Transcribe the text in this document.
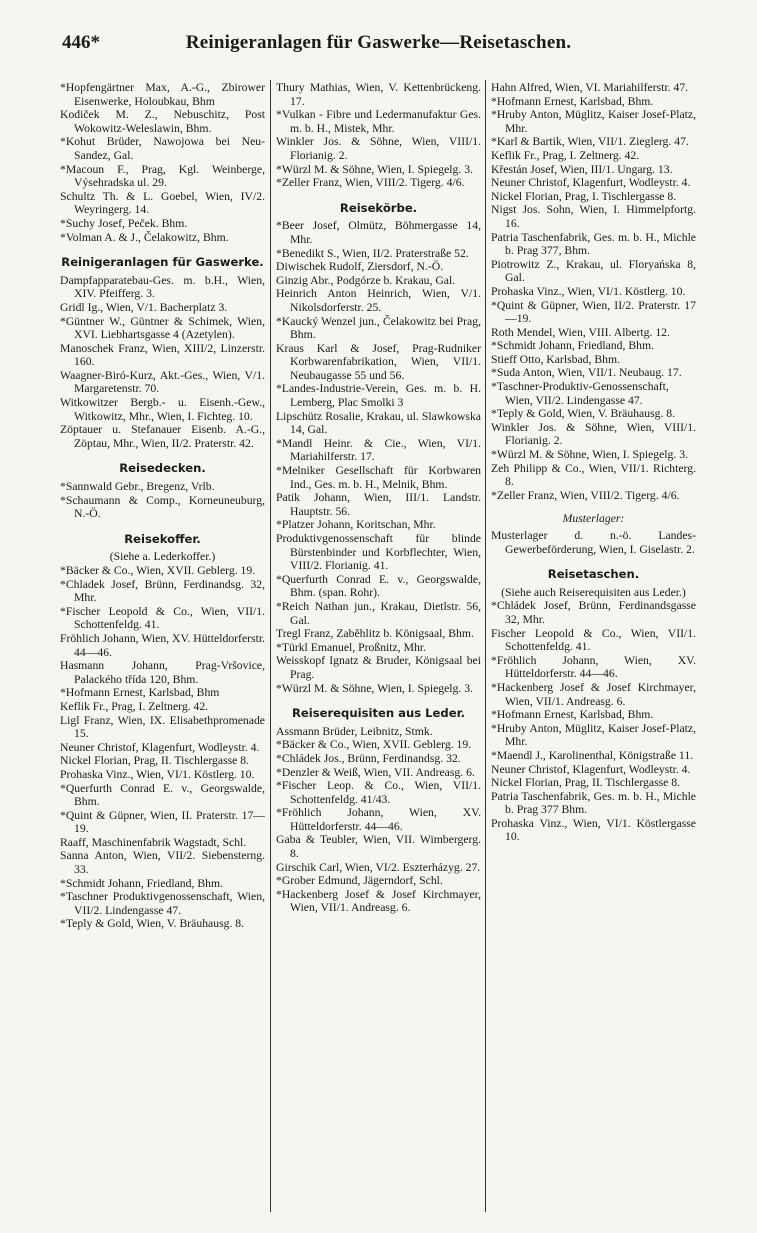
446*	Reinigeranlagen für Gaswerke—Reisetaschen.
*Hopfengärtner Max, A.-G., Zbirower Eisenwerke, Holoubkau, Bhm
Kodiček M. Z., Nebuschitz, Post Wokowitz-Weleslawin, Bhm.
*Kohut Brüder, Nawojowa bei Neu-Sandez, Gal.
*Macoun F., Prag, Kgl. Weinberge, Výsehradska ul. 29.
Schultz Th. & L. Goebel, Wien, IV/2. Weyringerg. 14.
*Suchy Josef, Peček. Bhm.
*Volman A. & J., Čelakowitz, Bhm.
Reinigeranlagen für Gaswerke.
Dampfapparatebau-Ges. m. b.H., Wien, XIV. Pfeifferg. 3.
Gridl Ig., Wien, V/1. Bacherplatz 3.
*Güntner W., Güntner & Schimek, Wien, XVI. Liebhartsgasse 4 (Azetylen).
Manoschek Franz, Wien, XIII/2, Linzerstr. 160.
Waagner-Biró-Kurz, Akt.-Ges., Wien, V/1. Margaretenstr. 70.
Witkowitzer Bergb.- u. Eisenh.-Gew., Witkowitz, Mhr., Wien, I. Fichteg. 10.
Zöptauer u. Stefanauer Eisenb. A.-G., Zöptau, Mhr., Wien, II/2. Praterstr. 42.
Reisedecken.
*Sannwald Gebr., Bregenz, Vrlb.
*Schaumann & Comp., Korneuneuburg, N.-Ö.
Reisekoffer.
(Siehe a. Lederkoffer.)
*Bäcker & Co., Wien, XVII. Geblerg. 19.
*Chladek Josef, Brünn, Ferdinandsg. 32, Mhr.
*Fischer Leopold & Co., Wien, VII/1. Schottenfeldg. 41.
Fröhlich Johann, Wien, XV. Hütteldorferstr. 44—46.
Hasmann Johann, Prag-Vršovice, Palackého třída 120, Bhm.
*Hofmann Ernest, Karlsbad, Bhm
Keflik Fr., Prag, I. Zeltnerg. 42.
Ligl Franz, Wien, IX. Elisabethpromenade 15.
Neuner Christof, Klagenfurt, Wodleystr. 4.
Nickel Florian, Prag, II. Tischlergasse 8.
Prohaska Vinz., Wien, VI/1. Köstlerg. 10.
*Querfurth Conrad E. v., Georgswalde, Bhm.
*Quint & Güpner, Wien, II. Praterstr. 17—19.
Raaff, Maschinenfabrik Wagstadt, Schl.
Sanna Anton, Wien, VII/2. Siebensterng. 33.
*Schmidt Johann, Friedland, Bhm.
*Taschner Produktivgenossenschaft, Wien, VII/2. Lindengasse 47.
*Teply & Gold, Wien, V. Bräuhausg. 8.
Thury Mathias, Wien, V. Kettenbrückeng. 17.
*Vulkan - Fibre und Ledermanufaktur Ges. m. b. H., Mistek, Mhr.
Winkler Jos. & Söhne, Wien, VIII/1. Florianig. 2.
*Würzl M. & Söhne, Wien, I. Spiegelg. 3.
*Zeller Franz, Wien, VIII/2. Tigerg. 4/6.
Reisekörbe.
*Beer Josef, Olmütz, Böhmergasse 14, Mhr.
*Benedikt S., Wien, II/2. Praterstraße 52.
Diwischek Rudolf, Ziersdorf, N.-Ö.
Ginzig Abr., Podgórze b. Krakau, Gal.
Heinrich Anton Heinrich, Wien, V/1. Nikolsdorferstr. 25.
*Kaucký Wenzel jun., Čelakowitz bei Prag, Bhm.
Kraus Karl & Josef, Prag-Rudniker Korbwarenfabrikation, Wien, VII/1. Neubaugasse 55 und 56.
*Landes-Industrie-Verein, Ges. m. b. H. Lemberg, Plac Smolki 3
Lipschütz Rosalie, Krakau, ul. Slawkowska 14, Gal.
*Mandl Heinr. & Cie., Wien, VI/1. Mariahilferstr. 17.
*Melniker Gesellschaft für Korbwaren Ind., Ges. m. b. H., Melnik, Bhm.
Patik Johann, Wien, III/1. Landstr. Hauptstr. 56.
*Platzer Johann, Koritschan, Mhr.
Produktivgenossenschaft für blinde Bürstenbinder und Korbflechter, Wien, VIII/2. Florianig. 41.
*Querfurth Conrad E. v., Georgswalde, Bhm. (span. Rohr).
*Reich Nathan jun., Krakau, Dietlstr. 56, Gal.
Tregl Franz, Zaběhlitz b. Königsaal, Bhm.
*Türkl Emanuel, Proßnitz, Mhr.
Weisskopf Ignatz & Bruder, Königsaal bei Prag.
*Würzl M. & Söhne, Wien, I. Spiegelg. 3.
Reiserequisiten aus Leder.
Assmann Brüder, Leibnitz, Stmk.
*Bäcker & Co., Wien, XVII. Geblerg. 19.
*Chládek Jos., Brünn, Ferdinandsg. 32.
*Denzler & Weiß, Wien, VII. Andreasg. 6.
*Fischer Leop. & Co., Wien, VII/1. Schottenfeldg. 41/43.
*Fröhlich Johann, Wien, XV. Hütteldorferstr. 44—46.
Gaba & Teubler, Wien, VII. Wimbergerg. 8.
Girschik Carl, Wien, VI/2. Eszterházyg. 27.
*Grober Edmund, Jägerndorf, Schl.
*Hackenberg Josef & Josef Kirchmayer, Wien, VII/1. Andreasg. 6.
Hahn Alfred, Wien, VI. Mariahilferstr. 47.
*Hofmann Ernest, Karlsbad, Bhm.
*Hruby Anton, Müglitz, Kaiser Josef-Platz, Mhr.
*Karl & Bartik, Wien, VII/1. Zieglerg. 47.
Keflik Fr., Prag, I. Zeltnerg. 42.
Křestán Josef, Wien, III/1. Ungarg. 13.
Neuner Christof, Klagenfurt, Wodleystr. 4.
Nickel Florian, Prag, I. Tischlergasse 8.
Nigst Jos. Sohn, Wien, I. Himmelpfortg. 16.
Patria Taschenfabrik, Ges. m. b. H., Michle b. Prag 377, Bhm.
Piotrowitz Z., Krakau, ul. Floryańska 8, Gal.
Prohaska Vinz., Wien, VI/1. Köstlerg. 10.
*Quint & Güpner, Wien, II/2. Praterstr. 17—19.
Roth Mendel, Wien, VIII. Albertg. 12.
*Schmidt Johann, Friedland, Bhm.
Stieff Otto, Karlsbad, Bhm.
*Suda Anton, Wien, VII/1. Neubaug. 17.
*Taschner-Produktiv-Genossenschaft, Wien, VII/2. Lindengasse 47.
*Teply & Gold, Wien, V. Bräuhausg. 8.
Winkler Jos. & Söhne, Wien, VIII/1. Florianig. 2.
*Würzl M. & Söhne, Wien, I. Spiegelg. 3.
Zeh Philipp & Co., Wien, VII/1. Richterg. 8.
*Zeller Franz, Wien, VIII/2. Tigerg. 4/6.
Musterlager:
Musterlager d. n.-ö. Landes-Gewerbeförderung, Wien, I. Giselastr. 2.
Reisetaschen.
(Siehe auch Reiserequisiten aus Leder.)
*Chládek Josef, Brünn, Ferdinandsgasse 32, Mhr.
Fischer Leopold & Co., Wien, VII/1. Schottenfeldg. 41.
*Fröhlich Johann, Wien, XV. Hütteldorferstr. 44—46.
*Hackenberg Josef & Josef Kirchmayer, Wien, VII/1. Andreasg. 6.
*Hofmann Ernest, Karlsbad, Bhm.
*Hruby Anton, Müglitz, Kaiser Josef-Platz, Mhr.
*Maendl J., Karolinenthal, Königstraße 11.
Neuner Christof, Klagenfurt, Wodleystr. 4.
Nickel Florian, Prag, II. Tischlergasse 8.
Patria Taschenfabrik, Ges. m. b. H., Michle b. Prag 377 Bhm.
Prohaska Vinz., Wien, VI/1. Köstlergasse 10.
